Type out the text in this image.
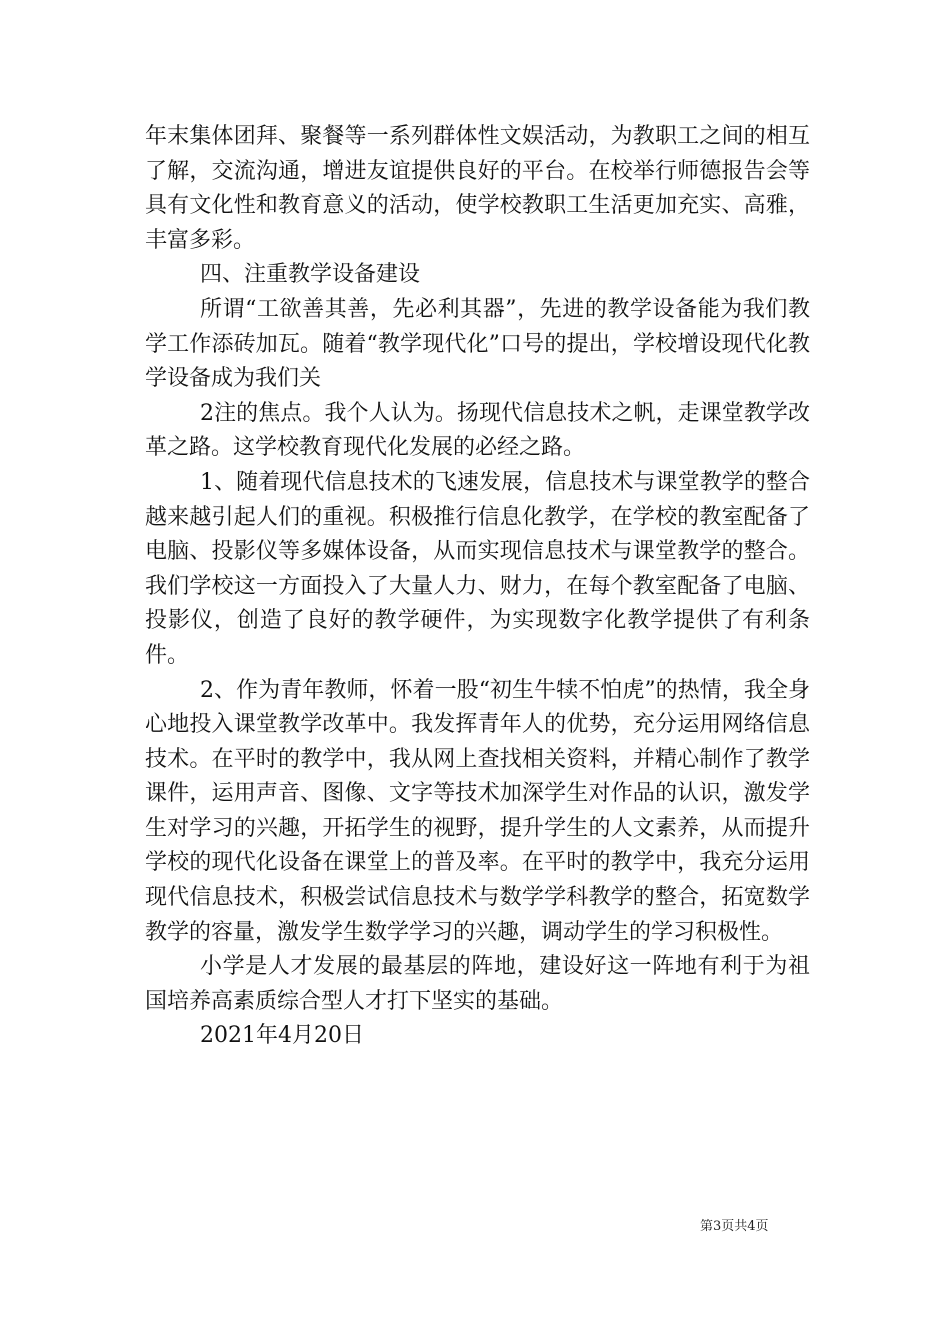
年末集体团拜、聚餐等一系列群体性文娱活动，为教职工之间的相互了解，交流沟通，增进友谊提供良好的平台。在校举行师德报告会等具有文化性和教育意义的活动，使学校教职工生活更加充实、高雅，丰富多彩。

四、注重教学设备建设

所谓“工欲善其善，先必利其器”，先进的教学设备能为我们教学工作添砖加瓦。随着“教学现代化”口号的提出，学校增设现代化教学设备成为我们关

2注的焦点。我个人认为。扬现代信息技术之帆，走课堂教学改革之路。这学校教育现代化发展的必经之路。

1、随着现代信息技术的飞速发展，信息技术与课堂教学的整合越来越引起人们的重视。积极推行信息化教学，在学校的教室配备了电脑、投影仪等多媒体设备，从而实现信息技术与课堂教学的整合。我们学校这一方面投入了大量人力、财力，在每个教室配备了电脑、投影仪，创造了良好的教学硬件，为实现数字化教学提供了有利条件。

2、作为青年教师，怀着一股“初生牛犊不怕虎”的热情，我全身心地投入课堂教学改革中。我发挥青年人的优势，充分运用网络信息技术。在平时的教学中，我从网上查找相关资料，并精心制作了教学课件，运用声音、图像、文字等技术加深学生对作品的认识，激发学生对学习的兴趣，开拓学生的视野，提升学生的人文素养，从而提升学校的现代化设备在课堂上的普及率。在平时的教学中，我充分运用现代信息技术，积极尝试信息技术与数学学科教学的整合，拓宽数学教学的容量，激发学生数学学习的兴趣，调动学生的学习积极性。

小学是人才发展的最基层的阵地，建设好这一阵地有利于为祖国培养高素质综合型人才打下坚实的基础。

2021年4月20日

第3页共4页
